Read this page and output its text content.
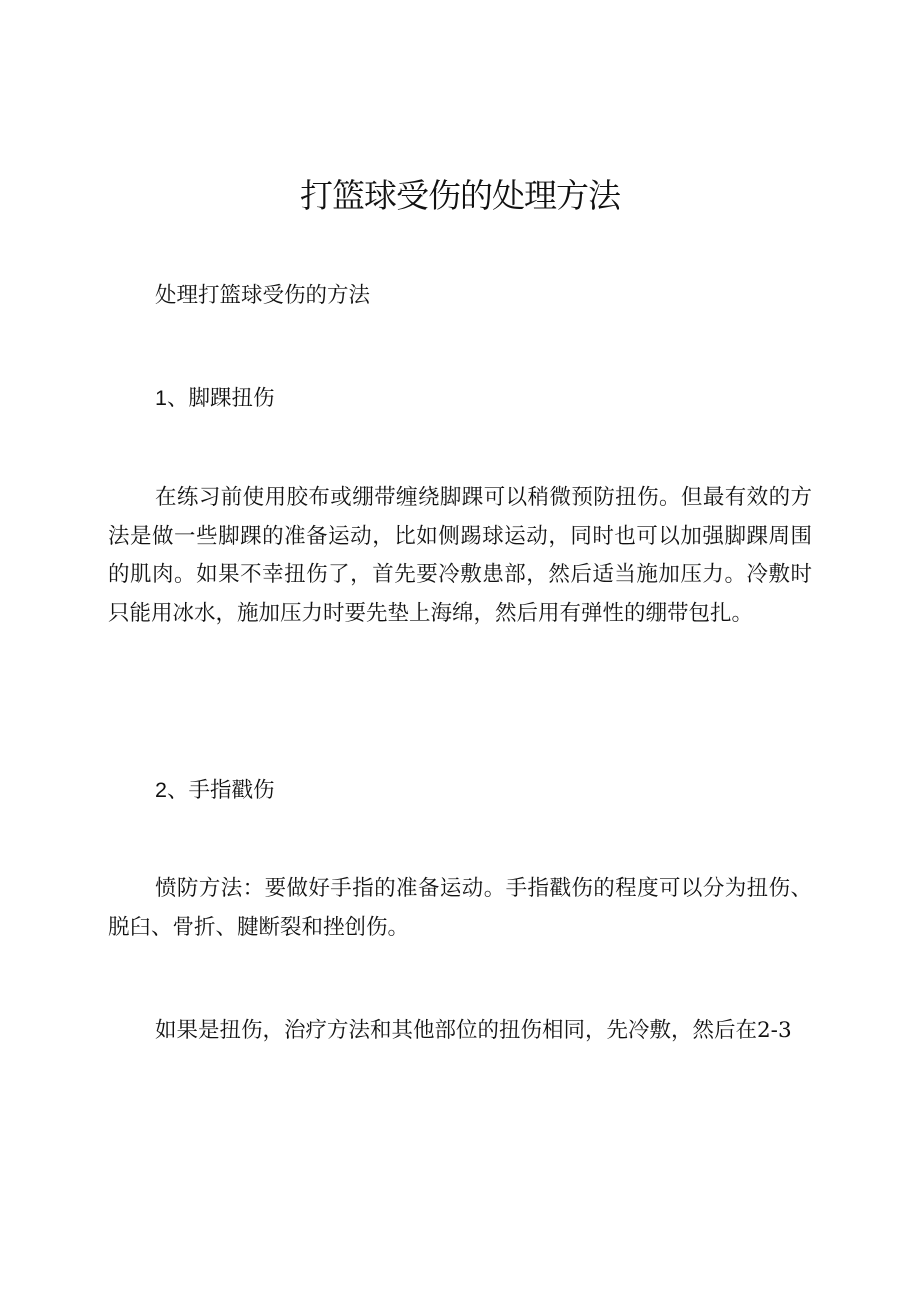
打篮球受伤的处理方法

处理打篮球受伤的方法

1、脚踝扭伤

在练习前使用胶布或绷带缠绕脚踝可以稍微预防扭伤。但最有效的方法是做一些脚踝的准备运动，比如侧踢球运动，同时也可以加强脚踝周围的肌肉。如果不幸扭伤了，首先要冷敷患部，然后适当施加压力。冷敷时只能用冰水，施加压力时要先垫上海绵，然后用有弹性的绷带包扎。

2、手指戳伤

愤防方法：要做好手指的准备运动。手指戳伤的程度可以分为扭伤、脱臼、骨折、腱断裂和挫创伤。

如果是扭伤，治疗方法和其他部位的扭伤相同，先冷敷，然后在2-3
